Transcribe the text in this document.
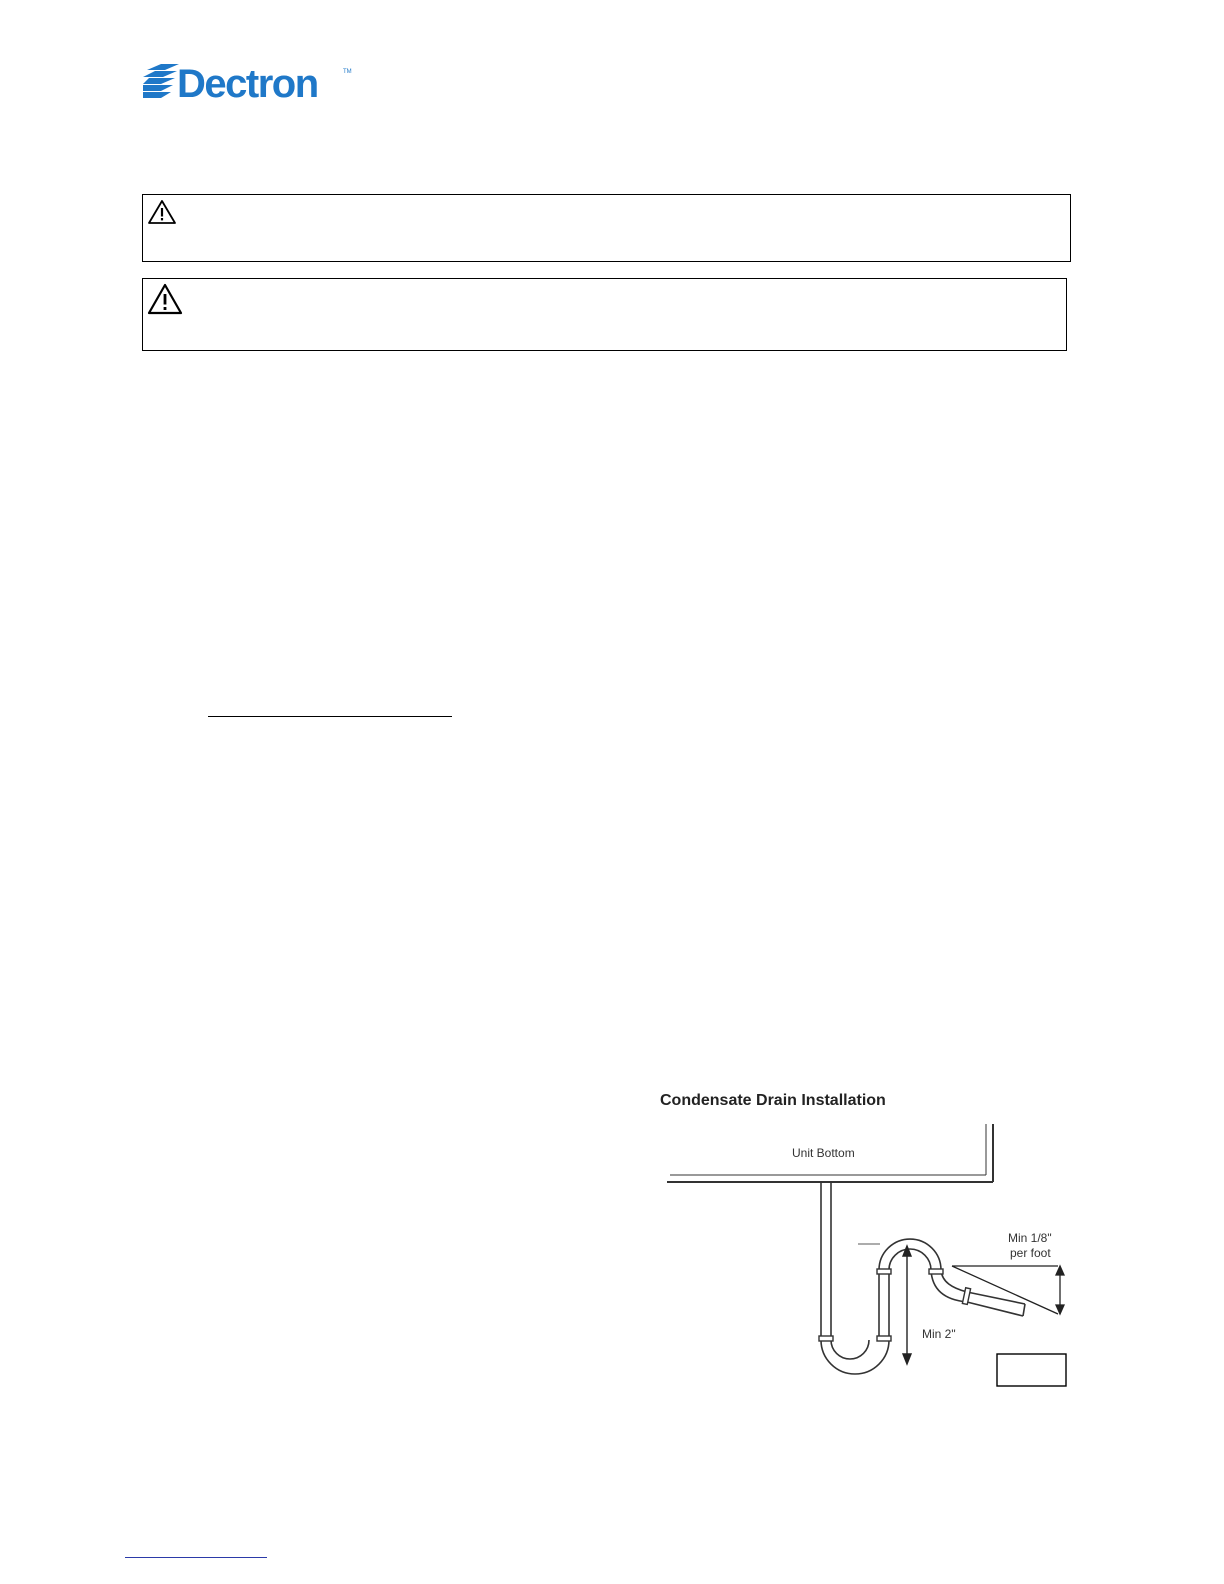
Dectron	TM
Condensate Drain Installation
Unit Bottom
Min 2"
Min 1/8"
per foot
